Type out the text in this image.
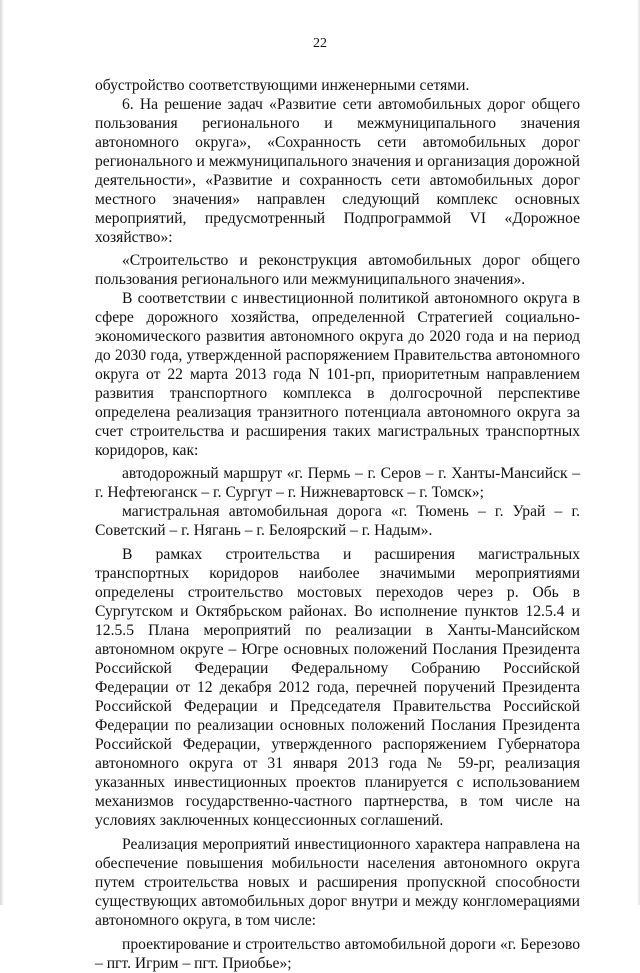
22

обустройство соответствующими инженерными сетями.

6. На решение задач «Развитие сети автомобильных дорог общего пользования регионального и межмуниципального значения автономного округа», «Сохранность сети автомобильных дорог регионального и межмуниципального значения и организация дорожной деятельности», «Развитие и сохранность сети автомобильных дорог местного значения» направлен следующий комплекс основных мероприятий, предусмотренный Подпрограммой VI «Дорожное хозяйство»:

«Строительство и реконструкция автомобильных дорог общего пользования регионального или межмуниципального значения».

В соответствии с инвестиционной политикой автономного округа в сфере дорожного хозяйства, определенной Стратегией социально-экономического развития автономного округа до 2020 года и на период до 2030 года, утвержденной распоряжением Правительства автономного округа от 22 марта 2013 года N 101-рп, приоритетным направлением развития транспортного комплекса в долгосрочной перспективе определена реализация транзитного потенциала автономного округа за счет строительства и расширения таких магистральных транспортных коридоров, как:

автодорожный маршрут «г. Пермь – г. Серов – г. Ханты-Мансийск – г. Нефтеюганск – г. Сургут – г. Нижневартовск – г. Томск»;

магистральная автомобильная дорога «г. Тюмень – г. Урай – г. Советский – г. Нягань – г. Белоярский – г. Надым».

В рамках строительства и расширения магистральных транспортных коридоров наиболее значимыми мероприятиями определены строительство мостовых переходов через р. Обь в Сургутском и Октябрьском районах. Во исполнение пунктов 12.5.4 и 12.5.5 Плана мероприятий по реализации в Ханты-Мансийском автономном округе – Югре основных положений Послания Президента Российской Федерации Федеральному Собранию Российской Федерации от 12 декабря 2012 года, перечней поручений Президента Российской Федерации и Председателя Правительства Российской Федерации по реализации основных положений Послания Президента Российской Федерации, утвержденного распоряжением Губернатора автономного округа от 31 января 2013 года № 59-рг, реализация указанных инвестиционных проектов планируется с использованием механизмов государственно-частного партнерства, в том числе на условиях заключенных концессионных соглашений.

Реализация мероприятий инвестиционного характера направлена на обеспечение повышения мобильности населения автономного округа путем строительства новых и расширения пропускной способности существующих автомобильных дорог внутри и между конгломерациями автономного округа, в том числе:

проектирование и строительство автомобильной дороги «г. Березово – пгт. Игрим – пгт. Приобье»;
